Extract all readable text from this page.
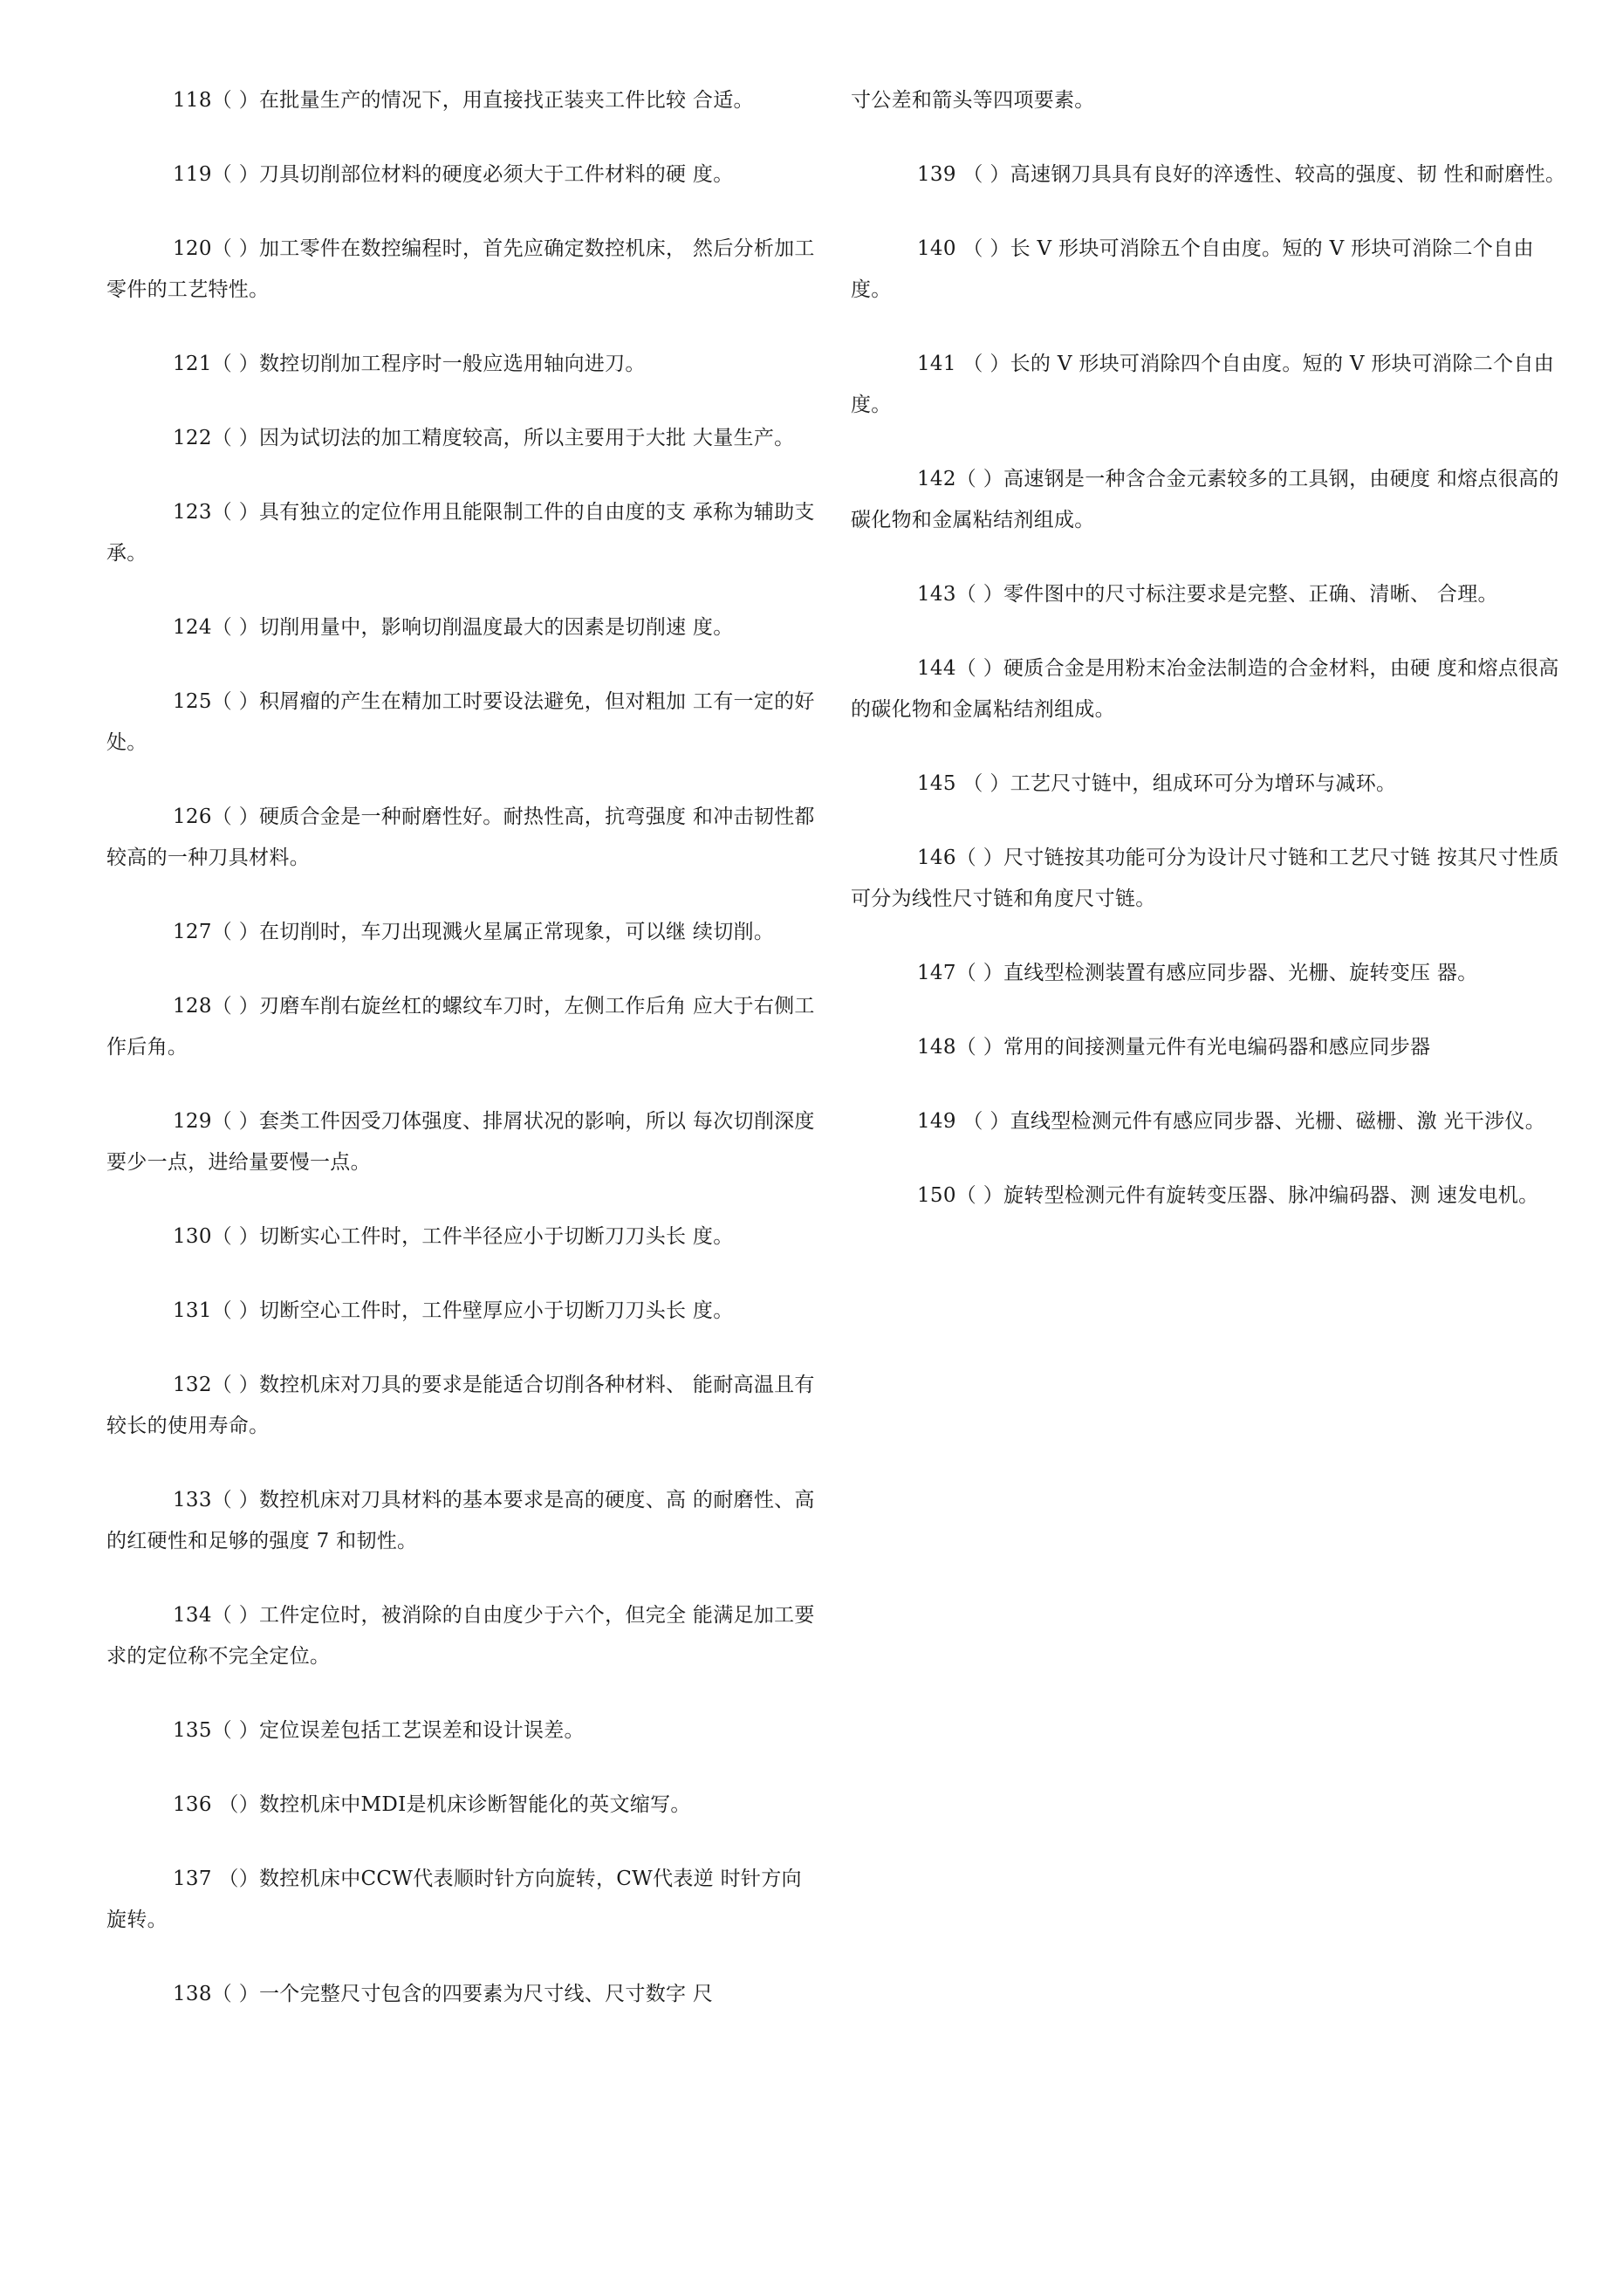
118（ ）在批量生产的情况下，用直接找正装夹工件比较 合适。

119（ ）刀具切削部位材料的硬度必须大于工件材料的硬 度。

120（ ）加工零件在数控编程时，首先应确定数控机床， 然后分析加工零件的工艺特性。

121（ ）数控切削加工程序时一般应选用轴向进刀。

122（ ）因为试切法的加工精度较高，所以主要用于大批 大量生产。

123（ ）具有独立的定位作用且能限制工件的自由度的支 承称为辅助支承。

124（ ）切削用量中，影响切削温度最大的因素是切削速 度。

125（ ）积屑瘤的产生在精加工时要设法避免，但对粗加 工有一定的好处。

126（ ）硬质合金是一种耐磨性好。耐热性高，抗弯强度 和冲击韧性都较高的一种刀具材料。

127（ ）在切削时，车刀出现溅火星属正常现象，可以继 续切削。

128（ ）刃磨车削右旋丝杠的螺纹车刀时，左侧工作后角 应大于右侧工作后角。

129（ ）套类工件因受刀体强度、排屑状况的影响，所以 每次切削深度要少一点，进给量要慢一点。

130（ ）切断实心工件时，工件半径应小于切断刀刀头长 度。

131（ ）切断空心工件时，工件壁厚应小于切断刀刀头长 度。

132（ ）数控机床对刀具的要求是能适合切削各种材料、 能耐高温且有较长的使用寿命。

133（ ）数控机床对刀具材料的基本要求是高的硬度、高 的耐磨性、高的红硬性和足够的强度 7 和韧性。

134（ ）工件定位时，被消除的自由度少于六个，但完全 能满足加工要求的定位称不完全定位。

135（ ）定位误差包括工艺误差和设计误差。

136 （）数控机床中MDI是机床诊断智能化的英文缩写。

137 （）数控机床中CCW代表顺时针方向旋转，CW代表逆 时针方向旋转。

138（ ）一个完整尺寸包含的四要素为尺寸线、尺寸数字 尺

寸公差和箭头等四项要素。

139 （ ）高速钢刀具具有良好的淬透性、较高的强度、韧 性和耐磨性。

140 （ ）长 V 形块可消除五个自由度。短的 V 形块可消除二个自由度。

141 （ ）长的 V 形块可消除四个自由度。短的 V 形块可消除二个自由度。

142（ ）高速钢是一种含合金元素较多的工具钢，由硬度 和熔点很高的碳化物和金属粘结剂组成。

143（ ）零件图中的尺寸标注要求是完整、正确、清晰、 合理。

144（ ）硬质合金是用粉末冶金法制造的合金材料，由硬 度和熔点很高的碳化物和金属粘结剂组成。

145 （ ）工艺尺寸链中，组成环可分为增环与减环。

146（ ）尺寸链按其功能可分为设计尺寸链和工艺尺寸链 按其尺寸性质可分为线性尺寸链和角度尺寸链。

147（ ）直线型检测装置有感应同步器、光栅、旋转变压 器。

148（ ）常用的间接测量元件有光电编码器和感应同步器

149 （ ）直线型检测元件有感应同步器、光栅、磁栅、激 光干涉仪。

150（ ）旋转型检测元件有旋转变压器、脉冲编码器、测 速发电机。
